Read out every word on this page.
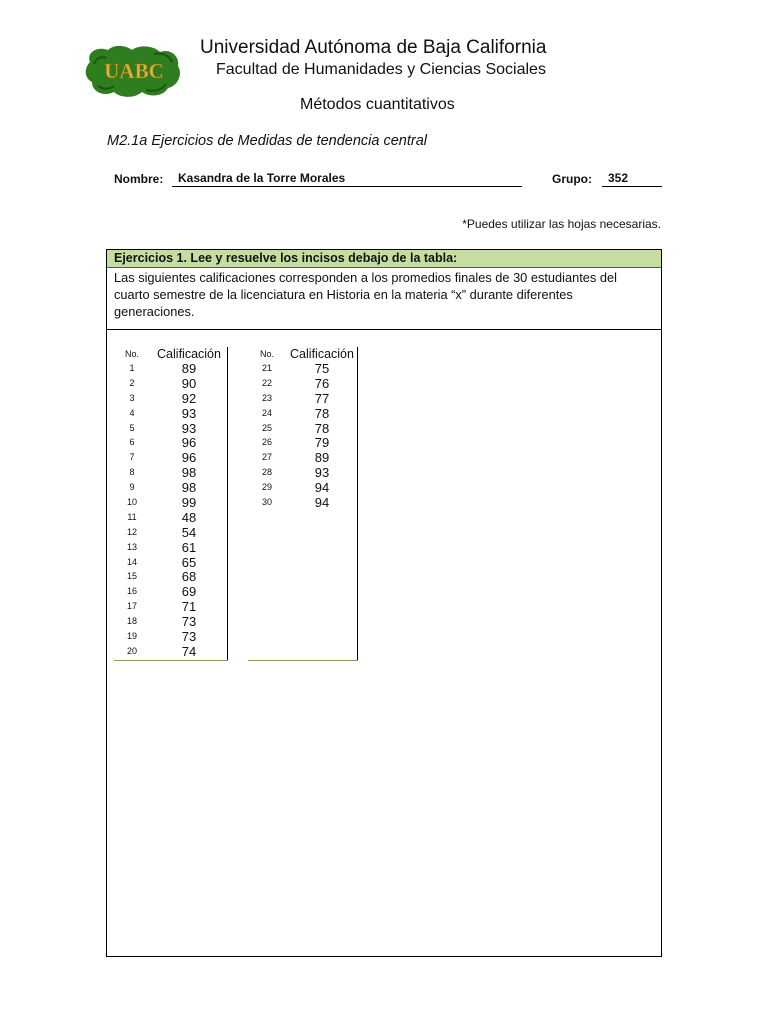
UABC
Universidad Autónoma de Baja California
Facultad de Humanidades y Ciencias Sociales
Métodos cuantitativos
M2.1a Ejercicios de Medidas de tendencia central
Nombre:	Kasandra de la Torre Morales	Grupo:	352
*Puedes utilizar las hojas necesarias.
Ejercicios 1. Lee y resuelve los incisos debajo de la tabla:
Las siguientes calificaciones corresponden a los promedios finales de 30 estudiantes del cuarto semestre de la licenciatura en Historia en la materia “x” durante diferentes generaciones.
No.	Calificación
1	89
2	90
3	92
4	93
5	93
6	96
7	96
8	98
9	98
10	99
11	48
12	54
13	61
14	65
15	68
16	69
17	71
18	73
19	73
20	74
No.	Calificación
21	75
22	76
23	77
24	78
25	78
26	79
27	89
28	93
29	94
30	94
